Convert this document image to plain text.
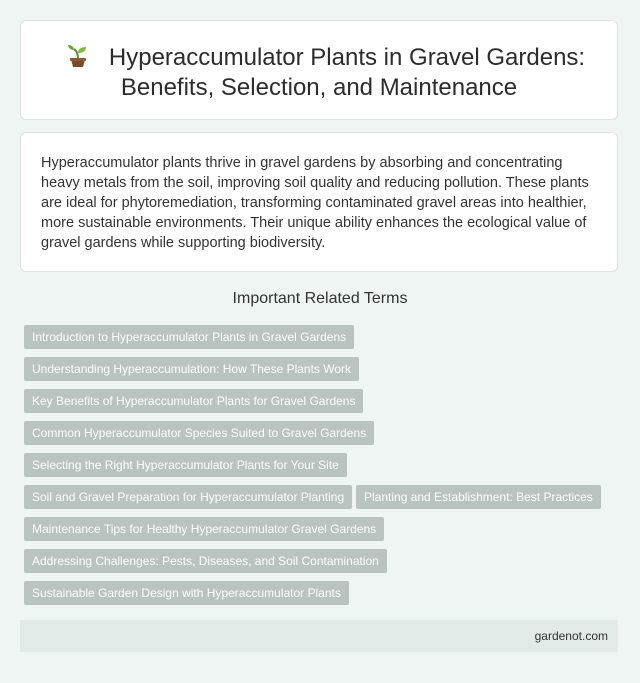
Hyperaccumulator Plants in Gravel Gardens:
Benefits, Selection, and Maintenance
Hyperaccumulator plants thrive in gravel gardens by absorbing and concentrating heavy metals from the soil, improving soil quality and reducing pollution. These plants are ideal for phytoremediation, transforming contaminated gravel areas into healthier, more sustainable environments. Their unique ability enhances the ecological value of gravel gardens while supporting biodiversity.
Important Related Terms
Introduction to Hyperaccumulator Plants in Gravel Gardens
Understanding Hyperaccumulation: How These Plants Work
Key Benefits of Hyperaccumulator Plants for Gravel Gardens
Common Hyperaccumulator Species Suited to Gravel Gardens
Selecting the Right Hyperaccumulator Plants for Your Site
Soil and Gravel Preparation for Hyperaccumulator Planting	Planting and Establishment: Best Practices
Maintenance Tips for Healthy Hyperaccumulator Gravel Gardens
Addressing Challenges: Pests, Diseases, and Soil Contamination
Sustainable Garden Design with Hyperaccumulator Plants
gardenot.com
